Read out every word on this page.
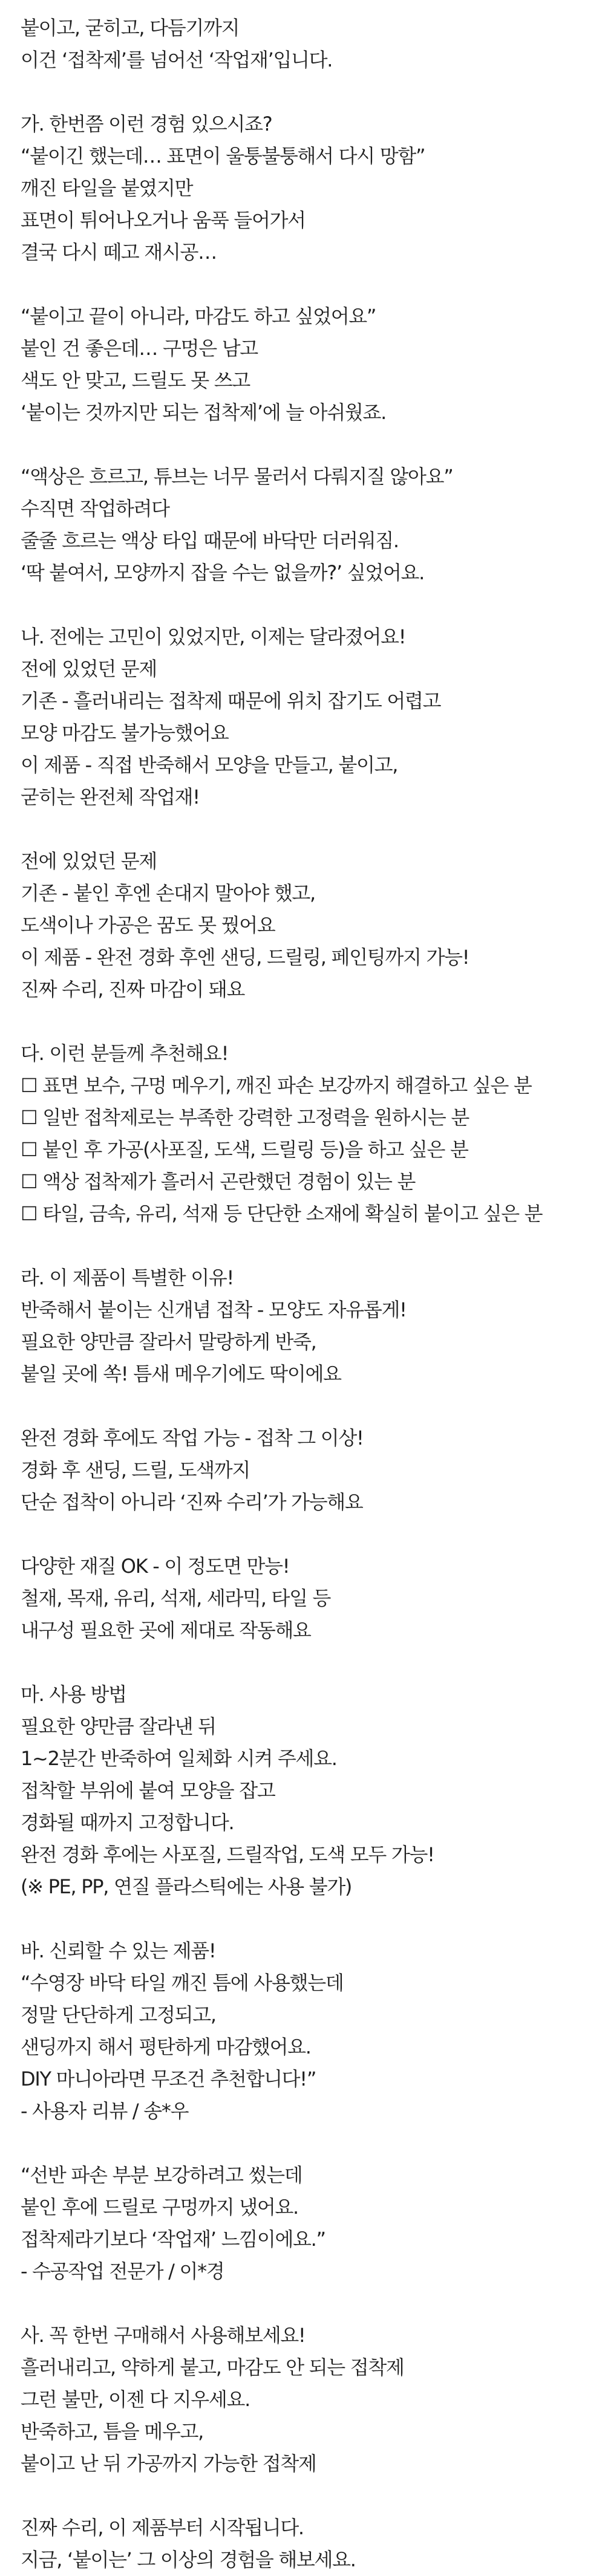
붙이고, 굳히고, 다듬기까지
이건 ‘접착제’를 넘어선 ‘작업재’입니다.
가. 한번쯤 이런 경험 있으시죠?
“붙이긴 했는데… 표면이 울퉁불퉁해서 다시 망함”
깨진 타일을 붙였지만
표면이 튀어나오거나 움푹 들어가서
결국 다시 떼고 재시공…
“붙이고 끝이 아니라, 마감도 하고 싶었어요”
붙인 건 좋은데… 구멍은 남고
색도 안 맞고, 드릴도 못 쓰고
‘붙이는 것까지만 되는 접착제’에 늘 아쉬웠죠.
“액상은 흐르고, 튜브는 너무 물러서 다뤄지질 않아요”
수직면 작업하려다
줄줄 흐르는 액상 타입 때문에 바닥만 더러워짐.
‘딱 붙여서, 모양까지 잡을 수는 없을까?’ 싶었어요.
나. 전에는 고민이 있었지만, 이제는 달라졌어요!
전에 있었던 문제
기존 - 흘러내리는 접착제 때문에 위치 잡기도 어렵고
모양 마감도 불가능했어요
이 제품 - 직접 반죽해서 모양을 만들고, 붙이고,
굳히는 완전체 작업재!
전에 있었던 문제
기존 - 붙인 후엔 손대지 말아야 했고,
도색이나 가공은 꿈도 못 꿨어요
이 제품 - 완전 경화 후엔 샌딩, 드릴링, 페인팅까지 가능!
진짜 수리, 진짜 마감이 돼요
다. 이런 분들께 추천해요!
☐ 표면 보수, 구멍 메우기, 깨진 파손 보강까지 해결하고 싶은 분
☐ 일반 접착제로는 부족한 강력한 고정력을 원하시는 분
☐ 붙인 후 가공(사포질, 도색, 드릴링 등)을 하고 싶은 분
☐ 액상 접착제가 흘러서 곤란했던 경험이 있는 분
☐ 타일, 금속, 유리, 석재 등 단단한 소재에 확실히 붙이고 싶은 분
라. 이 제품이 특별한 이유!
반죽해서 붙이는 신개념 접착 - 모양도 자유롭게!
필요한 양만큼 잘라서 말랑하게 반죽,
붙일 곳에 쏙! 틈새 메우기에도 딱이에요
완전 경화 후에도 작업 가능 - 접착 그 이상!
경화 후 샌딩, 드릴, 도색까지
단순 접착이 아니라 ‘진짜 수리’가 가능해요
다양한 재질 OK - 이 정도면 만능!
철재, 목재, 유리, 석재, 세라믹, 타일 등
내구성 필요한 곳에 제대로 작동해요
마. 사용 방법
필요한 양만큼 잘라낸 뒤
1~2분간 반죽하여 일체화 시켜 주세요.
접착할 부위에 붙여 모양을 잡고
경화될 때까지 고정합니다.
완전 경화 후에는 사포질, 드릴작업, 도색 모두 가능!
(※ PE, PP, 연질 플라스틱에는 사용 불가)
바. 신뢰할 수 있는 제품!
“수영장 바닥 타일 깨진 틈에 사용했는데
정말 단단하게 고정되고,
샌딩까지 해서 평탄하게 마감했어요.
DIY 마니아라면 무조건 추천합니다!”
- 사용자 리뷰 / 송*우
“선반 파손 부분 보강하려고 썼는데
붙인 후에 드릴로 구멍까지 냈어요.
접착제라기보다 ‘작업재’ 느낌이에요.”
- 수공작업 전문가 / 이*경
사. 꼭 한번 구매해서 사용해보세요!
흘러내리고, 약하게 붙고, 마감도 안 되는 접착제
그런 불만, 이젠 다 지우세요.
반죽하고, 틈을 메우고,
붙이고 난 뒤 가공까지 가능한 접착제
진짜 수리, 이 제품부터 시작됩니다.
지금, ‘붙이는’ 그 이상의 경험을 해보세요.
